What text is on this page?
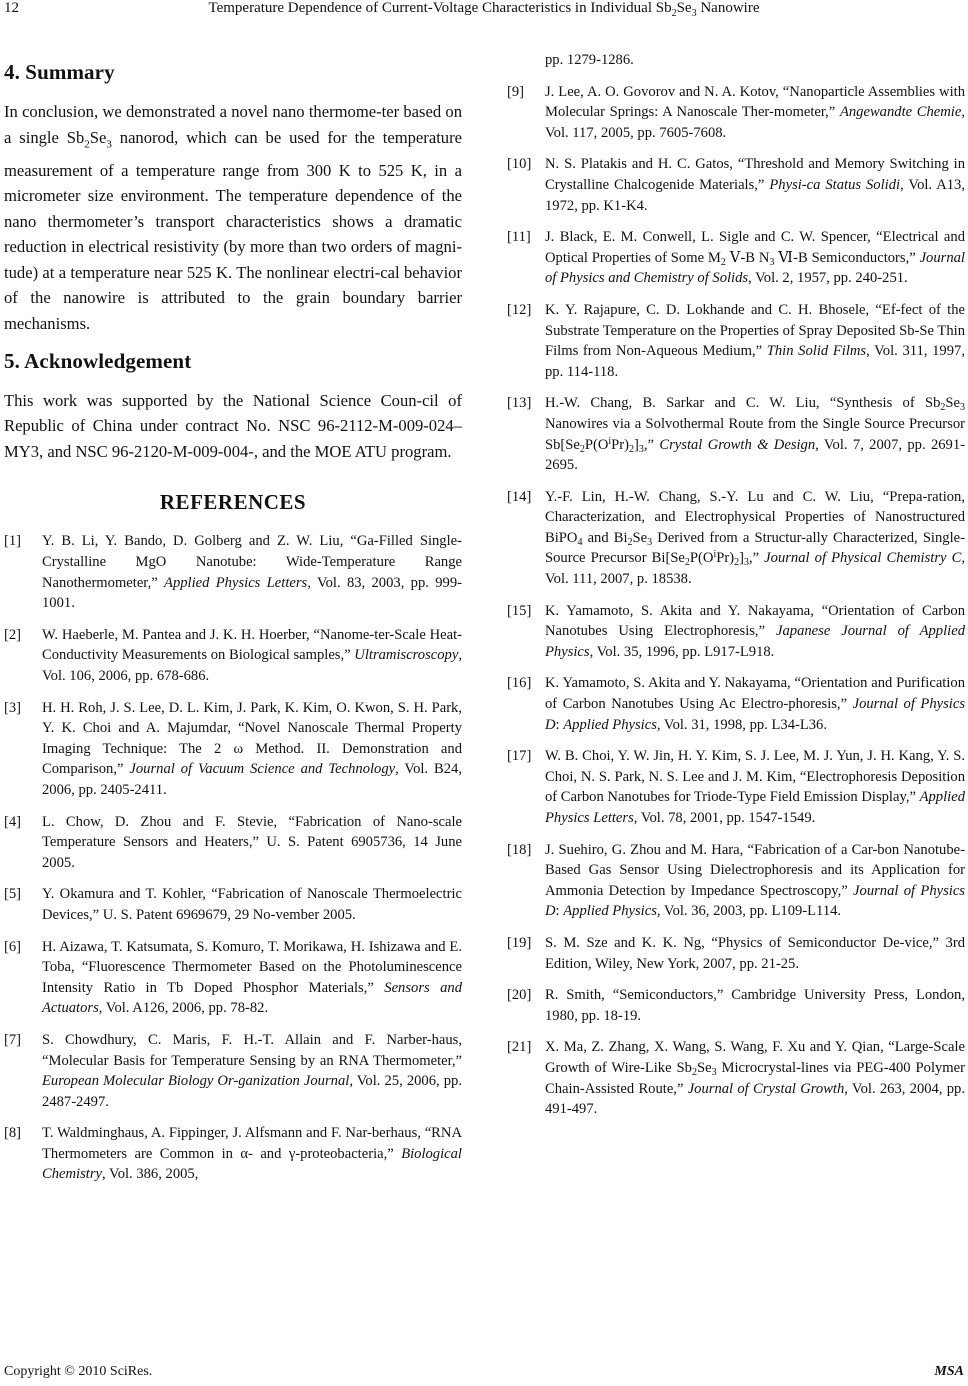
12	Temperature Dependence of Current-Voltage Characteristics in Individual $Sb_2Se_3$ Nanowire
4. Summary

In conclusion, we demonstrated a novel nano thermome-ter based on a single $Sb_2Se_3$ nanorod, which can be used for the temperature measurement of a temperature range from 300 K to 525 K, in a micrometer size environment. The temperature dependence of the nano thermometer’s transport characteristics shows a dramatic reduction in electrical resistivity (by more than two orders of magni-tude) at a temperature near 525 K. The nonlinear electri-cal behavior of the nanowire is attributed to the grain boundary barrier mechanisms.

5. Acknowledgement

This work was supported by the National Science Coun-cil of Republic of China under contract No. NSC 96-2112-M-009-024–MY3, and NSC 96-2120-M-009-004-, and the MOE ATU program.

REFERENCES
[1]	Y. B. Li, Y. Bando, D. Golberg and Z. W. Liu, “Ga-Filled Single-Crystalline MgO Nanotube: Wide-Temperature Range Nanothermometer,” Applied Physics Letters, Vol. 83, 2003, pp. 999-1001.
[2]	W. Haeberle, M. Pantea and J. K. H. Hoerber, “Nanome-ter-Scale Heat-Conductivity Measurements on Biological samples,” Ultramiscroscopy, Vol. 106, 2006, pp. 678-686.
[3]	H. H. Roh, J. S. Lee, D. L. Kim, J. Park, K. Kim, O. Kwon, S. H. Park, Y. K. Choi and A. Majumdar, “Novel Nanoscale Thermal Property Imaging Technique: The 2 ω Method. II. Demonstration and Comparison,” Journal of Vacuum Science and Technology, Vol. B24, 2006, pp. 2405-2411.
[4]	L. Chow, D. Zhou and F. Stevie, “Fabrication of Nano-scale Temperature Sensors and Heaters,” U. S. Patent 6905736, 14 June 2005.
[5]	Y. Okamura and T. Kohler, “Fabrication of Nanoscale Thermoelectric Devices,” U. S. Patent 6969679, 29 No-vember 2005.
[6]	H. Aizawa, T. Katsumata, S. Komuro, T. Morikawa, H. Ishizawa and E. Toba, “Fluorescence Thermometer Based on the Photoluminescence Intensity Ratio in Tb Doped Phosphor Materials,” Sensors and Actuators, Vol. A126, 2006, pp. 78-82.
[7]	S. Chowdhury, C. Maris, F. H.-T. Allain and F. Narber-haus, “Molecular Basis for Temperature Sensing by an RNA Thermometer,” European Molecular Biology Or-ganization Journal, Vol. 25, 2006, pp. 2487-2497.
[8]	T. Waldminghaus, A. Fippinger, J. Alfsmann and F. Nar-berhaus, “RNA Thermometers are Common in α- and γ-proteobacteria,” Biological Chemistry, Vol. 386, 2005,
pp. 1279-1286.
[9]	J. Lee, A. O. Govorov and N. A. Kotov, “Nanoparticle Assemblies with Molecular Springs: A Nanoscale Ther-mometer,” Angewandte Chemie, Vol. 117, 2005, pp. 7605-7608.
[10] N. S. Platakis and H. C. Gatos, “Threshold and Memory Switching in Crystalline Chalcogenide Materials,” Physi-ca Status Solidi, Vol. A13, 1972, pp. K1-K4.
[11] J. Black, E. M. Conwell, L. Sigle and C. W. Spencer, “Electrical and Optical Properties of Some $M_2$ Ⅴ-B $N_3$ Ⅵ-B Semiconductors,” Journal of Physics and Chemistry of Solids, Vol. 2, 1957, pp. 240-251.
[12] K. Y. Rajapure, C. D. Lokhande and C. H. Bhosele, “Ef-fect of the Substrate Temperature on the Properties of Spray Deposited Sb-Se Thin Films from Non-Aqueous Medium,” Thin Solid Films, Vol. 311, 1997, pp. 114-118.
[13] H.-W. Chang, B. Sarkar and C. W. Liu, “Synthesis of $Sb_2Se_3$ Nanowires via a Solvothermal Route from the Single Source Precursor $Sb[Se_2P(O^iPr)_2]_3$,” Crystal Growth & Design, Vol. 7, 2007, pp. 2691-2695.
[14] Y.-F. Lin, H.-W. Chang, S.-Y. Lu and C. W. Liu, “Prepa-ration, Characterization, and Electrophysical Properties of Nanostructured BiPO$_4$ and $Bi_2Se_3$ Derived from a Structur-ally Characterized, Single-Source Precursor $Bi[Se_2P(O^iPr)_2]_3$,” Journal of Physical Chemistry C, Vol. 111, 2007, p. 18538.
[15] K. Yamamoto, S. Akita and Y. Nakayama, “Orientation of Carbon Nanotubes Using Electrophoresis,” Japanese Journal of Applied Physics, Vol. 35, 1996, pp. L917-L918.
[16] K. Yamamoto, S. Akita and Y. Nakayama, “Orientation and Purification of Carbon Nanotubes Using Ac Electro-phoresis,” Journal of Physics D: Applied Physics, Vol. 31, 1998, pp. L34-L36.
[17] W. B. Choi, Y. W. Jin, H. Y. Kim, S. J. Lee, M. J. Yun, J. H. Kang, Y. S. Choi, N. S. Park, N. S. Lee and J. M. Kim, “Electrophoresis Deposition of Carbon Nanotubes for Triode-Type Field Emission Display,” Applied Physics Letters, Vol. 78, 2001, pp. 1547-1549.
[18] J. Suehiro, G. Zhou and M. Hara, “Fabrication of a Car-bon Nanotube-Based Gas Sensor Using Dielectrophoresis and its Application for Ammonia Detection by Impedance Spectroscopy,” Journal of Physics D: Applied Physics, Vol. 36, 2003, pp. L109-L114.
[19] S. M. Sze and K. K. Ng, “Physics of Semiconductor De-vice,” 3rd Edition, Wiley, New York, 2007, pp. 21-25.
[20] R. Smith, “Semiconductors,” Cambridge University Press, London, 1980, pp. 18-19.
[21] X. Ma, Z. Zhang, X. Wang, S. Wang, F. Xu and Y. Qian, “Large-Scale Growth of Wire-Like $Sb_2Se_3$ Microcrystal-lines via PEG-400 Polymer Chain-Assisted Route,” Journal of Crystal Growth, Vol. 263, 2004, pp. 491-497.
Copyright © 2010 SciRes.	MSA
